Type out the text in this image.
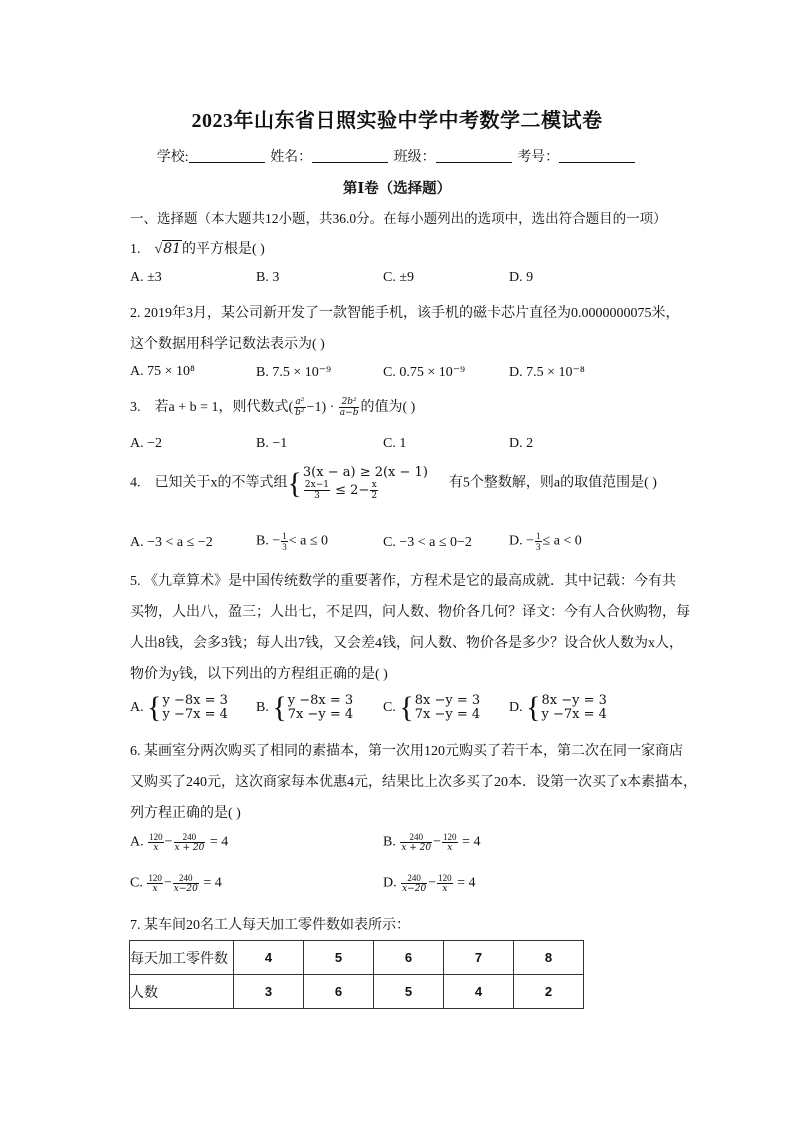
2023年山东省日照实验中学中考数学二模试卷
学校:	姓名：	班级：	考号：
第Ⅰ卷（选择题）
一、选择题（本大题共12小题，共36.0分。在每小题列出的选项中，选出符合题目的一项）
1. √81的平方根是( )
A. ±3	B. 3	C. ±9	D. 9
2. 2019年3月，某公司新开发了一款智能手机，该手机的磁卡芯片直径为0.0000000075米，
这个数据用科学记数法表示为( )
A. 75 × 10⁸	B. 7.5 × 10⁻⁹	C. 0.75 × 10⁻⁹	D. 7.5 × 10⁻⁸
3. 若a + b = 1，则代数式( $\frac{\text{a²}}{\text{b²}} -1) \cdot \frac{\text{2b²}}{a-b}$ 的值为( )
A. −2	B. −1	C. 1	D. 2
4. 已知关于x的不等式组 { 3(x − a) ≥ 2(x − 1)
$\frac{2x-1}{3} \le 2- \frac{x}{2}$	有5个整数解，则a的取值范围是( )
A. −3 < a ≤ −2	B. − $\frac{1}{3} < a \le 0$	C. −3 < a ≤ 0−2	D. − $\frac{1}{3} \le a < 0$
5. 《九章算术》是中国传统数学的重要著作，方程术是它的最高成就．其中记载：今有共
买物，人出八，盈三；人出七，不足四，问人数、物价各几何？译文：今有人合伙购物，每
人出8钱，会多3钱；每人出7钱，又会差4钱，问人数、物价各是多少？设合伙人数为x人，
物价为y钱，以下列出的方程组正确的是( )
A.
{ y −8x = 3
y −7x = 4 B.
{ y −8x = 3
7x −y = 4 C.
{ 8x −y = 3
7x −y = 4 D.
{ 8x −y = 3
y −7x = 4
6. 某画室分两次购买了相同的素描本，第一次用120元购买了若干本，第二次在同一家商店
又购买了240元，这次商家每本优惠4元，结果比上次多买了20本．设第一次买了x本素描本，
列方程正确的是( )
A. $\frac{120}{x} - \frac{240}{x + 20} = 4$	B. $\frac{240}{x + 20} - \frac{120}{x} = 4$
C. $\frac{120}{x} - \frac{240}{x-20} = 4$	D. $\frac{240}{x-20} - \frac{120}{x} = 4$
7. 某车间20名工人每天加工零件数如表所示：
每天加工零件数	4	5	6	7	8
人数	3	6	5	4	2
